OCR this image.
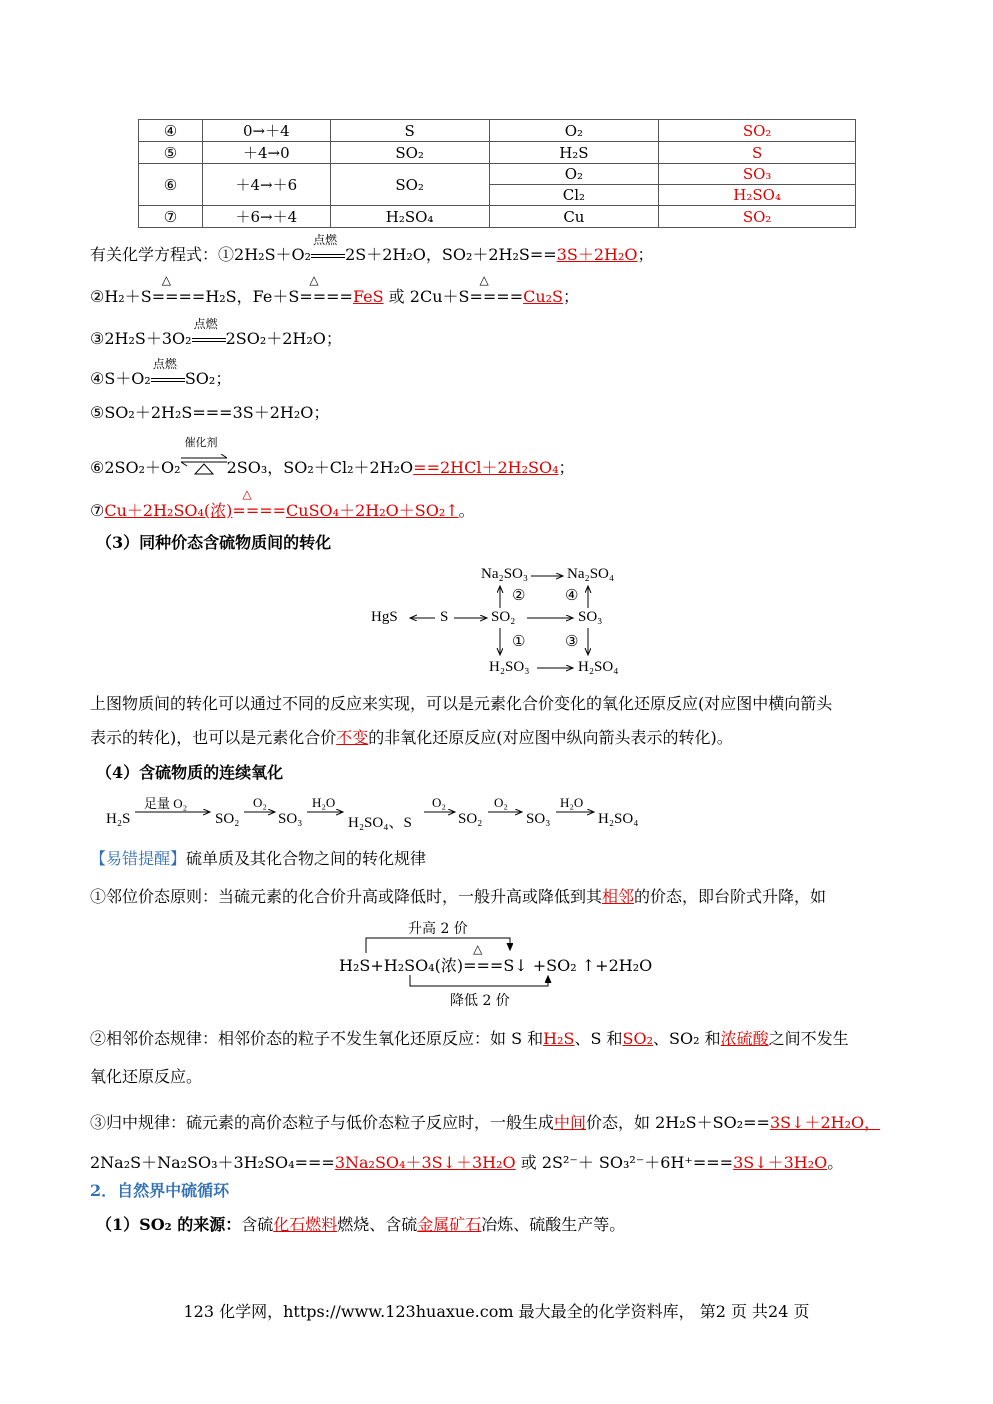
④	0→＋4	S	O₂	SO₂
⑤	＋4→0	SO₂	H₂S	S
⑥	＋4→＋6	SO₂	O₂	SO₃
			Cl₂	H₂SO₄
⑦	＋6→＋4	H₂SO₄	Cu	SO₂
有关化学方程式：①2H₂S＋O₂
点燃
2S＋2H₂O，SO₂＋2H₂S==3S＋2H₂O；
②H₂＋S
△
====H₂S，Fe＋S
△
====FeS 或 2Cu＋S
△
====Cu₂S；
③2H₂S＋3O₂
点燃
2SO₂＋2H₂O；
④S＋O₂
点燃
SO₂；
⑤SO₂＋2H₂S===3S＋2H₂O；
⑥2SO₂＋O₂
催化剂
2SO₃，SO₂＋Cl₂＋2H₂O==2HCl＋2H₂SO₄；
⑦Cu＋2H₂SO₄(浓)
△
====CuSO₄＋2H₂O＋SO₂↑。
（3）同种价态含硫物质间的转化
Na₂SO₃	Na₂SO₄
HgS	S	SO₂	SO₃
H₂SO₃	H₂SO₄
②	④
①	③
上图物质间的转化可以通过不同的反应来实现，可以是元素化合价变化的氧化还原反应(对应图中横向箭头
表示的转化)，也可以是元素化合价不变的非氧化还原反应(对应图中纵向箭头表示的转化)。
（4）含硫物质的连续氧化
H₂S
足量 O₂
SO₂
O₂
SO₃
H₂O
H₂SO₄、S
O₂
SO₂
O₂
SO₃
H₂O
H₂SO₄
【易错提醒】硫单质及其化合物之间的转化规律
①邻位价态原则：当硫元素的化合价升高或降低时，一般升高或降低到其相邻的价态，即台阶式升降，如
升高 2 价
降低 2 价
H₂S+H₂SO₄(浓)
△
===S↓ +SO₂ ↑+2H₂O
②相邻价态规律：相邻价态的粒子不发生氧化还原反应：如 S 和H₂S、S 和SO₂、SO₂ 和浓硫酸之间不发生
氧化还原反应。
③归中规律：硫元素的高价态粒子与低价态粒子反应时，一般生成中间价态，如 2H₂S＋SO₂==3S↓＋2H₂O，
2Na₂S＋Na₂SO₃＋3H₂SO₄===3Na₂SO₄＋3S↓＋3H₂O 或 2S²⁻＋ SO₃²⁻＋6H⁺===3S↓＋3H₂O。
2．自然界中硫循环
（1）SO₂ 的来源：含硫化石燃料燃烧、含硫金属矿石冶炼、硫酸生产等。
123 化学网，https://www.123huaxue.com 最大最全的化学资料库， 第2 页 共24 页
